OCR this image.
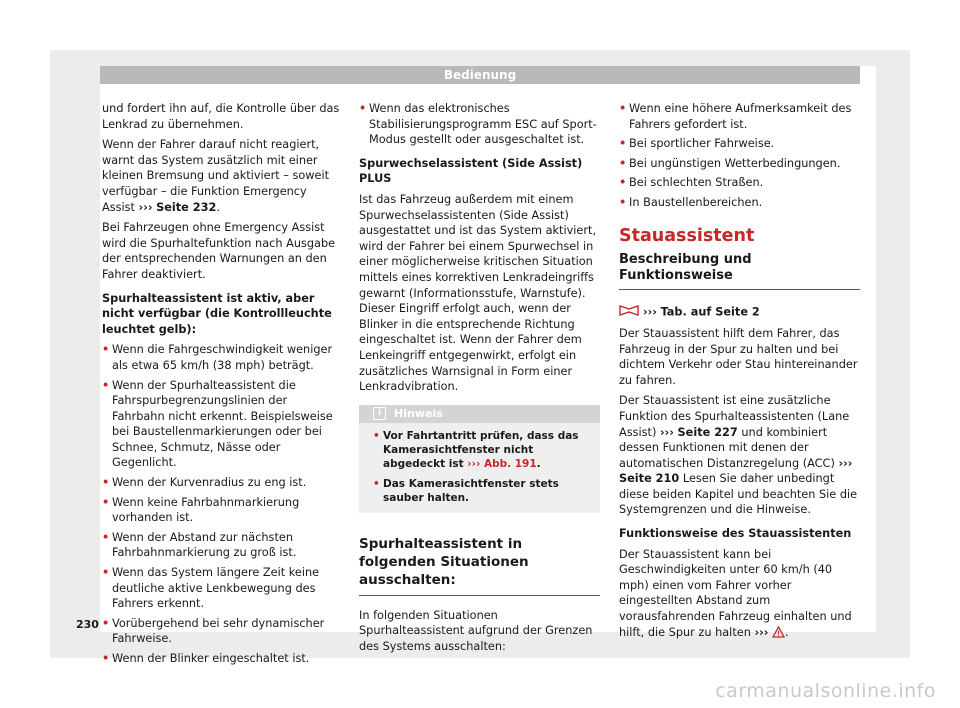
Bedienung

und fordert ihn auf, die Kontrolle über das Lenkrad zu übernehmen.

Wenn der Fahrer darauf nicht reagiert, warnt das System zusätzlich mit einer kleinen Bremsung und aktiviert – soweit verfügbar – die Funktion Emergency Assist ››› Seite 232.

Bei Fahrzeugen ohne Emergency Assist wird die Spurhaltefunktion nach Ausgabe der entsprechenden Warnungen an den Fahrer deaktiviert.

Spurhalteassistent ist aktiv, aber nicht verfügbar (die Kontrollleuchte leuchtet gelb):

• Wenn die Fahrgeschwindigkeit weniger als etwa 65 km/h (38 mph) beträgt.
• Wenn der Spurhalteassistent die Fahrspurbegrenzungslinien der Fahrbahn nicht erkennt. Beispielsweise bei Baustellenmarkierungen oder bei Schnee, Schmutz, Nässe oder Gegenlicht.
• Wenn der Kurvenradius zu eng ist.
• Wenn keine Fahrbahnmarkierung vorhanden ist.
• Wenn der Abstand zur nächsten Fahrbahnmarkierung zu groß ist.
• Wenn das System längere Zeit keine deutliche aktive Lenkbewegung des Fahrers erkennt.
• Vorübergehend bei sehr dynamischer Fahrweise.
• Wenn der Blinker eingeschaltet ist.
• Wenn das elektronisches Stabilisierungsprogramm ESC auf Sport-Modus gestellt oder ausgeschaltet ist.

Spurwechselassistent (Side Assist) PLUS

Ist das Fahrzeug außerdem mit einem Spurwechselassistenten (Side Assist) ausgestattet und ist das System aktiviert, wird der Fahrer bei einem Spurwechsel in einer möglicherweise kritischen Situation mittels eines korrektiven Lenkradeingriffs gewarnt (Informationsstufe, Warnstufe). Dieser Eingriff erfolgt auch, wenn der Blinker in die entsprechende Richtung eingeschaltet ist. Wenn der Fahrer dem Lenkeingriff entgegenwirkt, erfolgt ein zusätzliches Warnsignal in Form einer Lenkradvibration.

i Hinweis
• Vor Fahrtantritt prüfen, dass das Kamerasichtfenster nicht abgedeckt ist ››› Abb. 191.
• Das Kamerasichtfenster stets sauber halten.
Spurhalteassistent in folgenden Situationen ausschalten:

In folgenden Situationen Spurhalteassistent aufgrund der Grenzen des Systems ausschalten:

• Wenn eine höhere Aufmerksamkeit des Fahrers gefordert ist.
• Bei sportlicher Fahrweise.
• Bei ungünstigen Wetterbedingungen.
• Bei schlechten Straßen.
• In Baustellenbereichen.
Stauassistent
Beschreibung und Funktionsweise

››› Tab. auf Seite 2

Der Stauassistent hilft dem Fahrer, das Fahrzeug in der Spur zu halten und bei dichtem Verkehr oder Stau hintereinander zu fahren.

Der Stauassistent ist eine zusätzliche Funktion des Spurhalteassistenten (Lane Assist) ››› Seite 227 und kombiniert dessen Funktionen mit denen der automatischen Distanzregelung (ACC) ››› Seite 210 Lesen Sie daher unbedingt diese beiden Kapitel und beachten Sie die Systemgrenzen und die Hinweise.

Funktionsweise des Stauassistenten

Der Stauassistent kann bei Geschwindigkeiten unter 60 km/h (40 mph) einen vom Fahrer vorher eingestellten Abstand zum vorausfahrenden Fahrzeug einhalten und hilft, die Spur zu halten ››› .

230
carmanualsonline.info
